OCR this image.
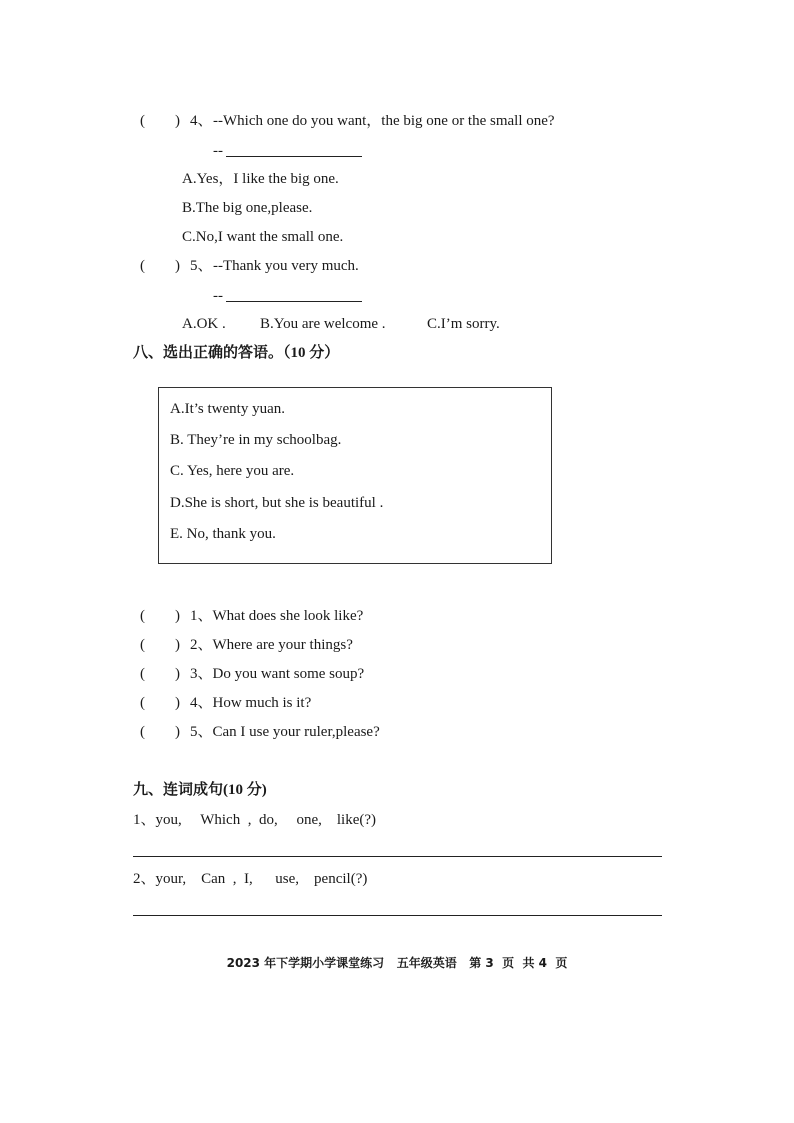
(　　) 4、 --Which one do you want，the big one or the small one?
--
A.Yes，I like the big one.
B.The big one,please.
C.No,I want the small one.
(　　) 5、 --Thank you very much.
--
A.OK . B.You are welcome .	C.I’m sorry.
八、选出正确的答语。（10 分）
A.It’s twenty yuan.
B. They’re in my schoolbag.
C. Yes, here you are.
D.She is short, but she is beautiful .
E. No, thank you.
(　　) 1、What does she look like?
(　　) 2、Where are your things?
(　　) 3、Do you want some soup?
(　　) 4、How much is it?
(　　) 5、Can I use your ruler,please?
九、连词成句(10 分)
1、you,     Which  ,  do,     one,    like(?)
2、your,    Can  ,  I,      use,    pencil(?)
2023 年下学期小学课堂练习   五年级英语   第 3  页  共 4  页
